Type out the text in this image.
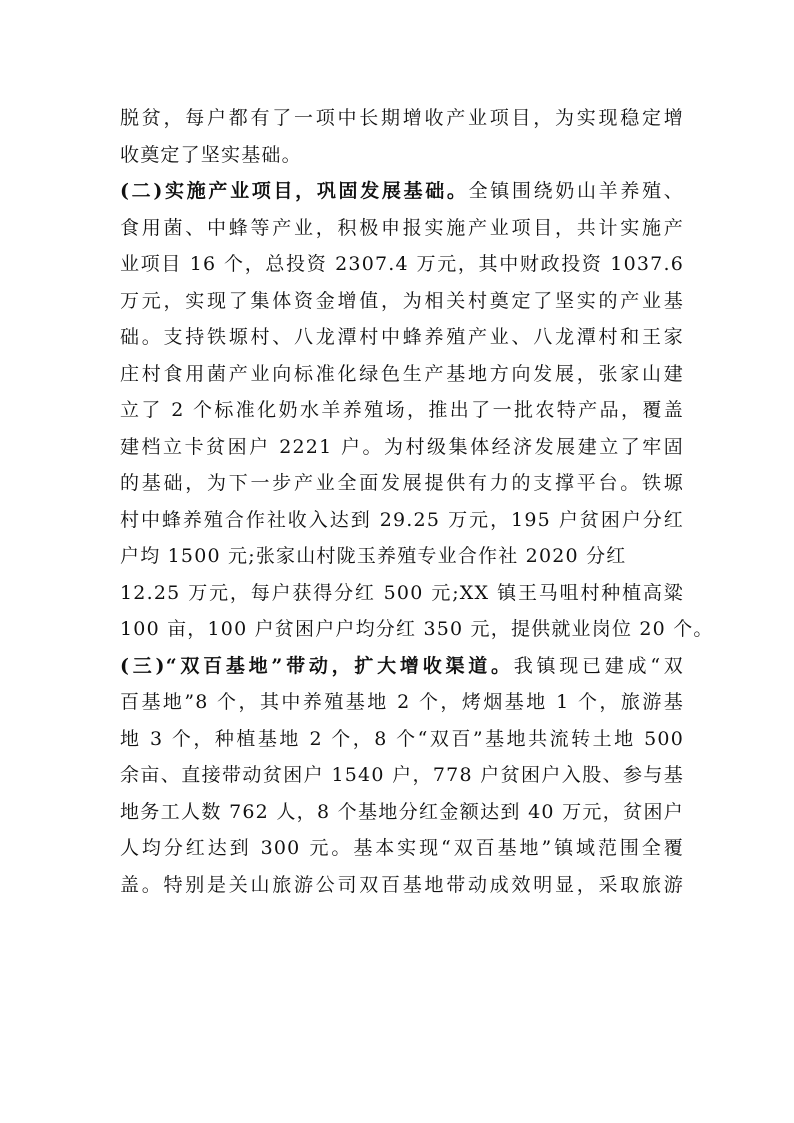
脱贫，每户都有了一项中长期增收产业项目，为实现稳定增
收奠定了坚实基础。
(二)实施产业项目，巩固发展基础。全镇围绕奶山羊养殖、
食用菌、中蜂等产业，积极申报实施产业项目，共计实施产
业项目 16 个，总投资 2307.4 万元，其中财政投资 1037.6
万元，实现了集体资金增值，为相关村奠定了坚实的产业基
础。支持铁塬村、八龙潭村中蜂养殖产业、八龙潭村和王家
庄村食用菌产业向标准化绿色生产基地方向发展，张家山建
立了 2 个标准化奶水羊养殖场，推出了一批农特产品，覆盖
建档立卡贫困户 2221 户。为村级集体经济发展建立了牢固
的基础，为下一步产业全面发展提供有力的支撑平台。铁塬
村中蜂养殖合作社收入达到 29.25 万元，195 户贫困户分红
户均 1500 元;张家山村陇玉养殖专业合作社 2020 分红
12.25 万元，每户获得分红 500 元;XX 镇王马咀村种植高粱
100 亩，100 户贫困户户均分红 350 元，提供就业岗位 20 个。
(三)“双百基地”带动，扩大增收渠道。我镇现已建成“双
百基地”8 个，其中养殖基地 2 个，烤烟基地 1 个，旅游基
地 3 个，种植基地 2 个，8 个“双百”基地共流转土地 500
余亩、直接带动贫困户 1540 户，778 户贫困户入股、参与基
地务工人数 762 人，8 个基地分红金额达到 40 万元，贫困户
人均分红达到 300 元。基本实现“双百基地”镇域范围全覆
盖。特别是关山旅游公司双百基地带动成效明显，采取旅游
